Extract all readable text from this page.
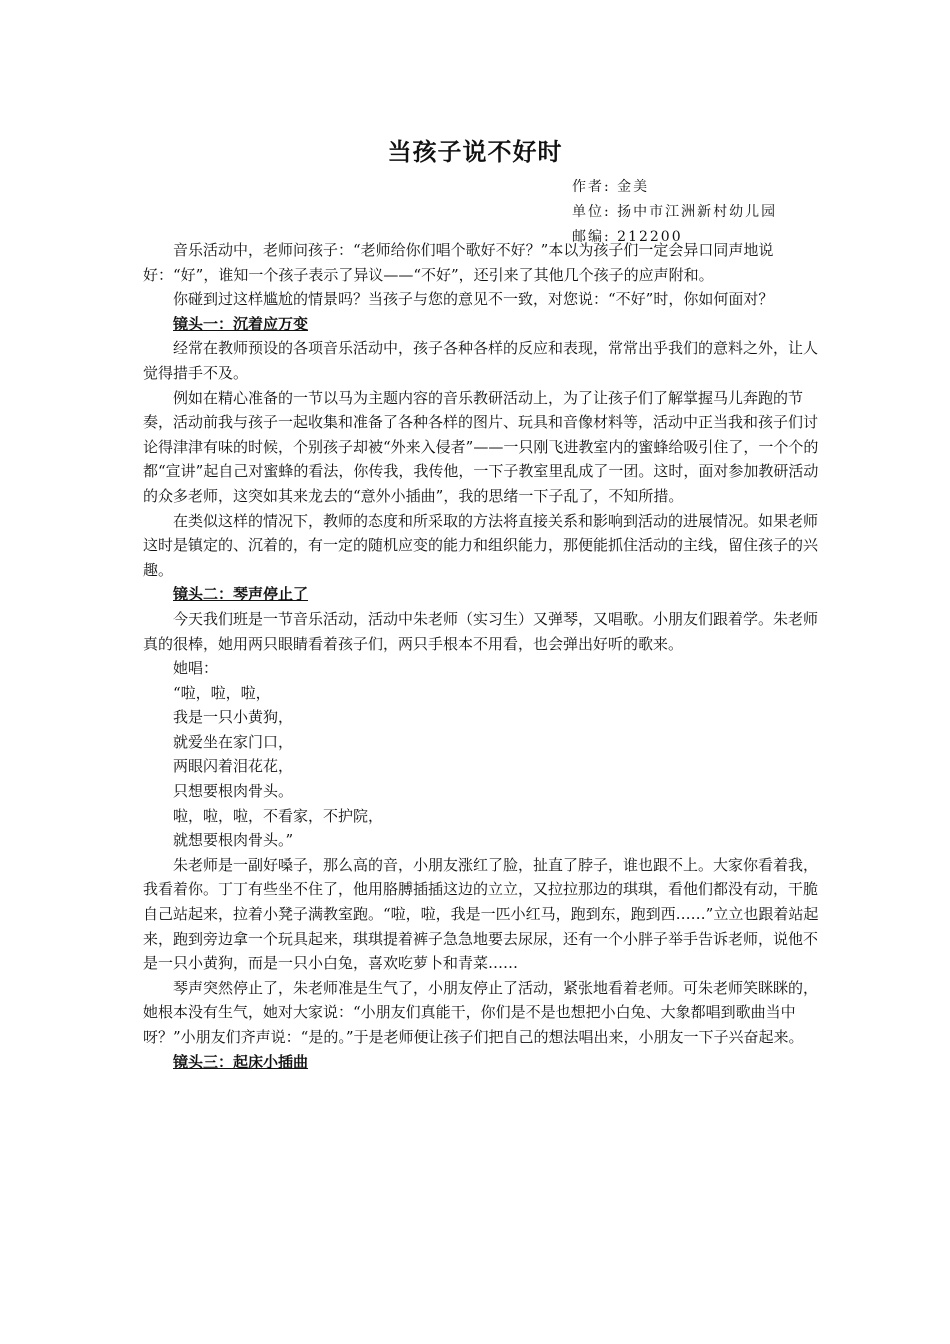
当孩子说不好时
作者: 金美
单位: 扬中市江洲新村幼儿园
邮编: 212200

音乐活动中，老师问孩子：“老师给你们唱个歌好不好？”本以为孩子们一定会异口同声地说好：“好”，谁知一个孩子表示了异议——“不好”，还引来了其他几个孩子的应声附和。

你碰到过这样尴尬的情景吗？当孩子与您的意见不一致，对您说：“不好”时，你如何面对？

镜头一：沉着应万变

经常在教师预设的各项音乐活动中，孩子各种各样的反应和表现，常常出乎我们的意料之外，让人觉得措手不及。

例如在精心准备的一节以马为主题内容的音乐教研活动上，为了让孩子们了解掌握马儿奔跑的节奏，活动前我与孩子一起收集和准备了各种各样的图片、玩具和音像材料等，活动中正当我和孩子们讨论得津津有味的时候，个别孩子却被“外来入侵者”——一只刚飞进教室内的蜜蜂给吸引住了，一个个的都“宣讲”起自己对蜜蜂的看法，你传我，我传他，一下子教室里乱成了一团。这时，面对参加教研活动的众多老师，这突如其来龙去的“意外小插曲”，我的思绪一下子乱了，不知所措。

在类似这样的情况下，教师的态度和所采取的方法将直接关系和影响到活动的进展情况。如果老师这时是镇定的、沉着的，有一定的随机应变的能力和组织能力，那便能抓住活动的主线，留住孩子的兴趣。

镜头二：琴声停止了

今天我们班是一节音乐活动，活动中朱老师（实习生）又弹琴，又唱歌。小朋友们跟着学。朱老师真的很棒，她用两只眼睛看着孩子们，两只手根本不用看，也会弹出好听的歌来。

她唱：

“啦，啦，啦，

我是一只小黄狗，

就爱坐在家门口，

两眼闪着泪花花，

只想要根肉骨头。

啦，啦，啦，不看家，不护院，

就想要根肉骨头。”

朱老师是一副好嗓子，那么高的音，小朋友涨红了脸，扯直了脖子，谁也跟不上。大家你看着我，我看着你。丁丁有些坐不住了，他用胳膊插插这边的立立，又拉拉那边的琪琪，看他们都没有动，干脆自己站起来，拉着小凳子满教室跑。“啦，啦，我是一匹小红马，跑到东，跑到西……”立立也跟着站起来，跑到旁边拿一个玩具起来，琪琪提着裤子急急地要去尿尿，还有一个小胖子举手告诉老师，说他不是一只小黄狗，而是一只小白兔，喜欢吃萝卜和青菜……

琴声突然停止了，朱老师准是生气了，小朋友停止了活动，紧张地看着老师。可朱老师笑眯眯的，她根本没有生气，她对大家说：“小朋友们真能干，你们是不是也想把小白兔、大象都唱到歌曲当中呀？”小朋友们齐声说：“是的。”于是老师便让孩子们把自己的想法唱出来，小朋友一下子兴奋起来。

镜头三：起床小插曲
